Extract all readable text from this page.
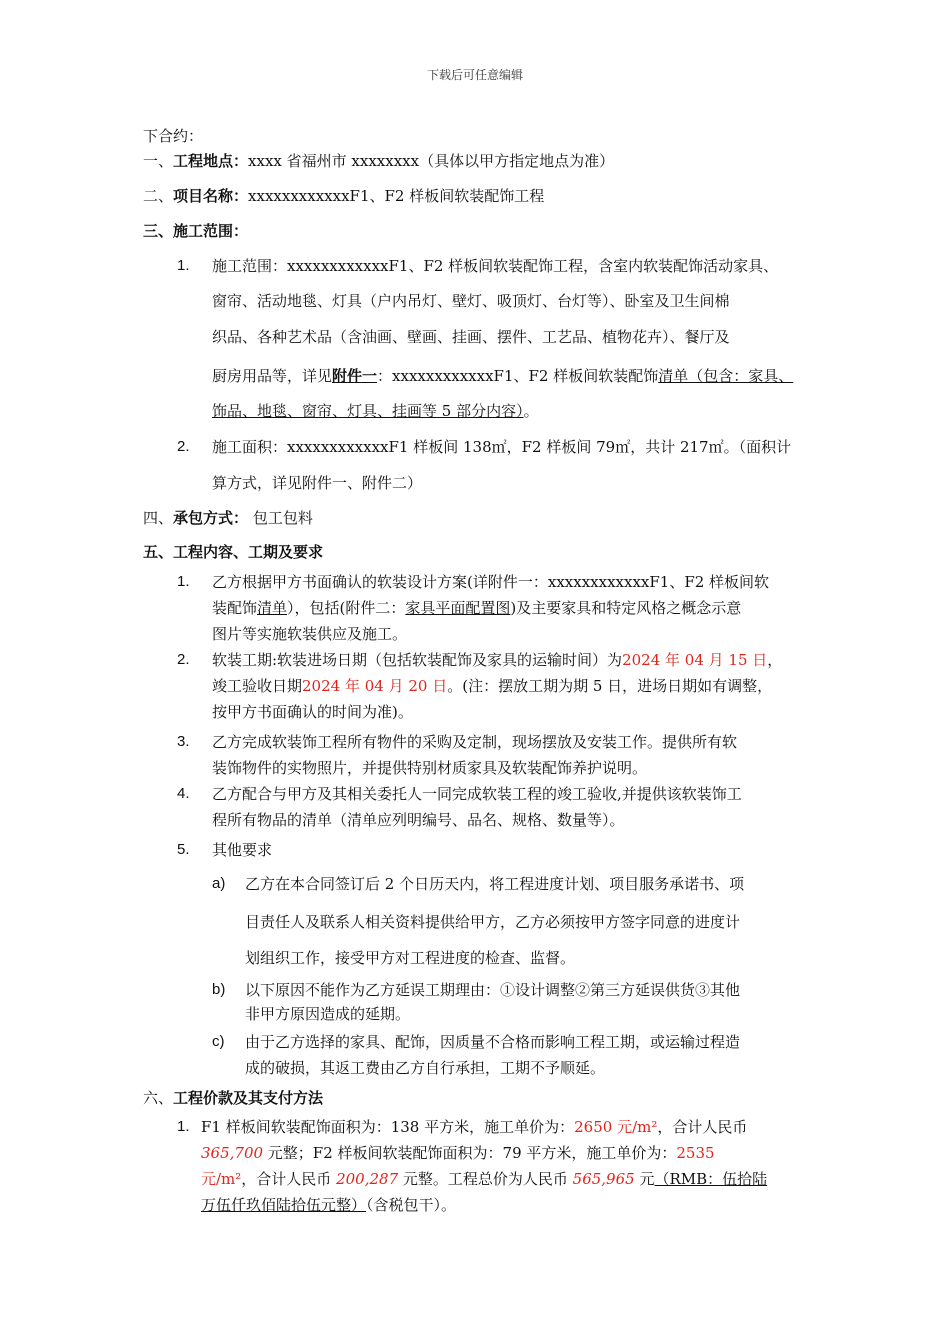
下载后可任意编辑
下合约：
一、工程地点：xxxx 省福州市 xxxxxxxx（具体以甲方指定地点为准）
二、项目名称：xxxxxxxxxxxxF1、F2 样板间软装配饰工程
三、施工范围：
1. 施工范围：xxxxxxxxxxxxF1、F2 样板间软装配饰工程，含室内软装配饰活动家具、
窗帘、活动地毯、灯具（户内吊灯、壁灯、吸顶灯、台灯等）、卧室及卫生间棉
织品、各种艺术品（含油画、壁画、挂画、摆件、工艺品、植物花卉）、餐厅及
厨房用品等，详见附件一：xxxxxxxxxxxxF1、F2 样板间软装配饰清单（包含：家具、
饰品、地毯、窗帘、灯具、挂画等 5 部分内容）。
2. 施工面积：xxxxxxxxxxxxF1 样板间 138㎡，F2 样板间 79㎡，共计 217㎡。（面积计
算方式，详见附件一、附件二）
四、承包方式： 包工包料
五、工程内容、工期及要求
1. 乙方根据甲方书面确认的软装设计方案(详附件一：xxxxxxxxxxxxF1、F2 样板间软
装配饰清单），包括(附件二：家具平面配置图)及主要家具和特定风格之概念示意
图片等实施软装供应及施工。
2. 软装工期:软装进场日期（包括软装配饰及家具的运输时间）为2024 年 04 月 15 日，
竣工验收日期2024 年 04 月 20 日。(注：摆放工期为期 5 日，进场日期如有调整，
按甲方书面确认的时间为准)。
3. 乙方完成软装饰工程所有物件的采购及定制，现场摆放及安装工作。提供所有软
装饰物件的实物照片，并提供特别材质家具及软装配饰养护说明。
4. 乙方配合与甲方及其相关委托人一同完成软装工程的竣工验收,并提供该软装饰工
程所有物品的清单（清单应列明编号、品名、规格、数量等）。
5. 其他要求
a) 乙方在本合同签订后 2 个日历天内，将工程进度计划、项目服务承诺书、项
目责任人及联系人相关资料提供给甲方，乙方必须按甲方签字同意的进度计
划组织工作，接受甲方对工程进度的检查、监督。
b) 以下原因不能作为乙方延误工期理由：①设计调整②第三方延误供货③其他
非甲方原因造成的延期。
c) 由于乙方选择的家具、配饰，因质量不合格而影响工程工期，或运输过程造
成的破损，其返工费由乙方自行承担，工期不予顺延。
六、工程价款及其支付方法
1. F1 样板间软装配饰面积为：138 平方米，施工单价为：2650 元/m²，合计人民币
365,700 元整；F2 样板间软装配饰面积为：79 平方米，施工单价为：2535
元/m²，合计人民币 200,287 元整。工程总价为人民币 565,965 元（RMB：伍拾陆
万伍仟玖佰陆拾伍元整）（含税包干）。
